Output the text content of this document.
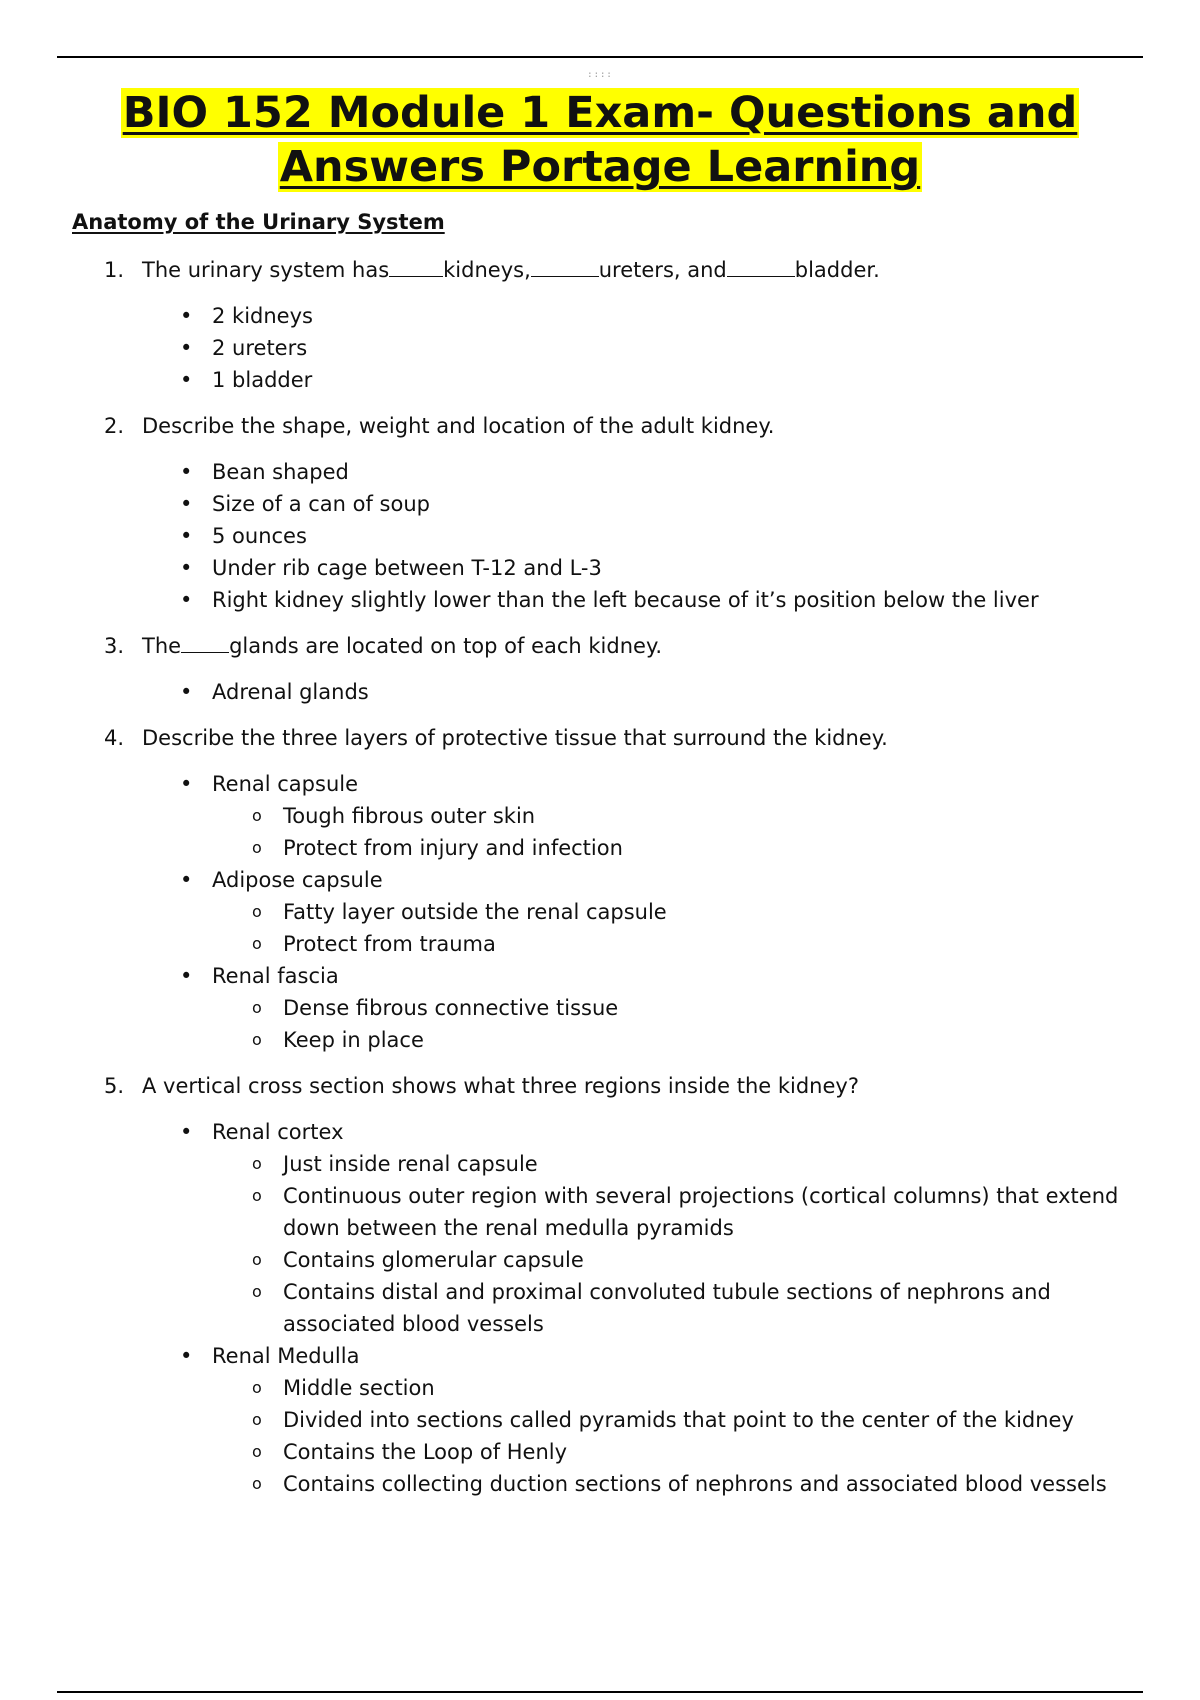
::::
BIO 152 Module 1 Exam- Questions and
Answers Portage Learning
Anatomy of the Urinary System
1. The urinary system has	kidneys,	ureters, and	bladder.
• 2 kidneys
• 2 ureters
• 1 bladder
2. Describe the shape, weight and location of the adult kidney.
• Bean shaped
• Size of a can of soup
• 5 ounces
• Under rib cage between T-12 and L-3
• Right kidney slightly lower than the left because of it’s position below the liver
3. The glands are located on top of each kidney.
• Adrenal glands
4. Describe the three layers of protective tissue that surround the kidney.
• Renal capsule
o Tough fibrous outer skin
o Protect from injury and infection
• Adipose capsule
o Fatty layer outside the renal capsule
o Protect from trauma
• Renal fascia
o Dense fibrous connective tissue
o Keep in place
5. A vertical cross section shows what three regions inside the kidney?
• Renal cortex
o Just inside renal capsule
o Continuous outer region with several projections (cortical columns) that extend down between the renal medulla pyramids
o Contains glomerular capsule
o Contains distal and proximal convoluted tubule sections of nephrons and associated blood vessels
• Renal Medulla
o Middle section
o Divided into sections called pyramids that point to the center of the kidney
o Contains the Loop of Henly
o Contains collecting duction sections of nephrons and associated blood vessels
